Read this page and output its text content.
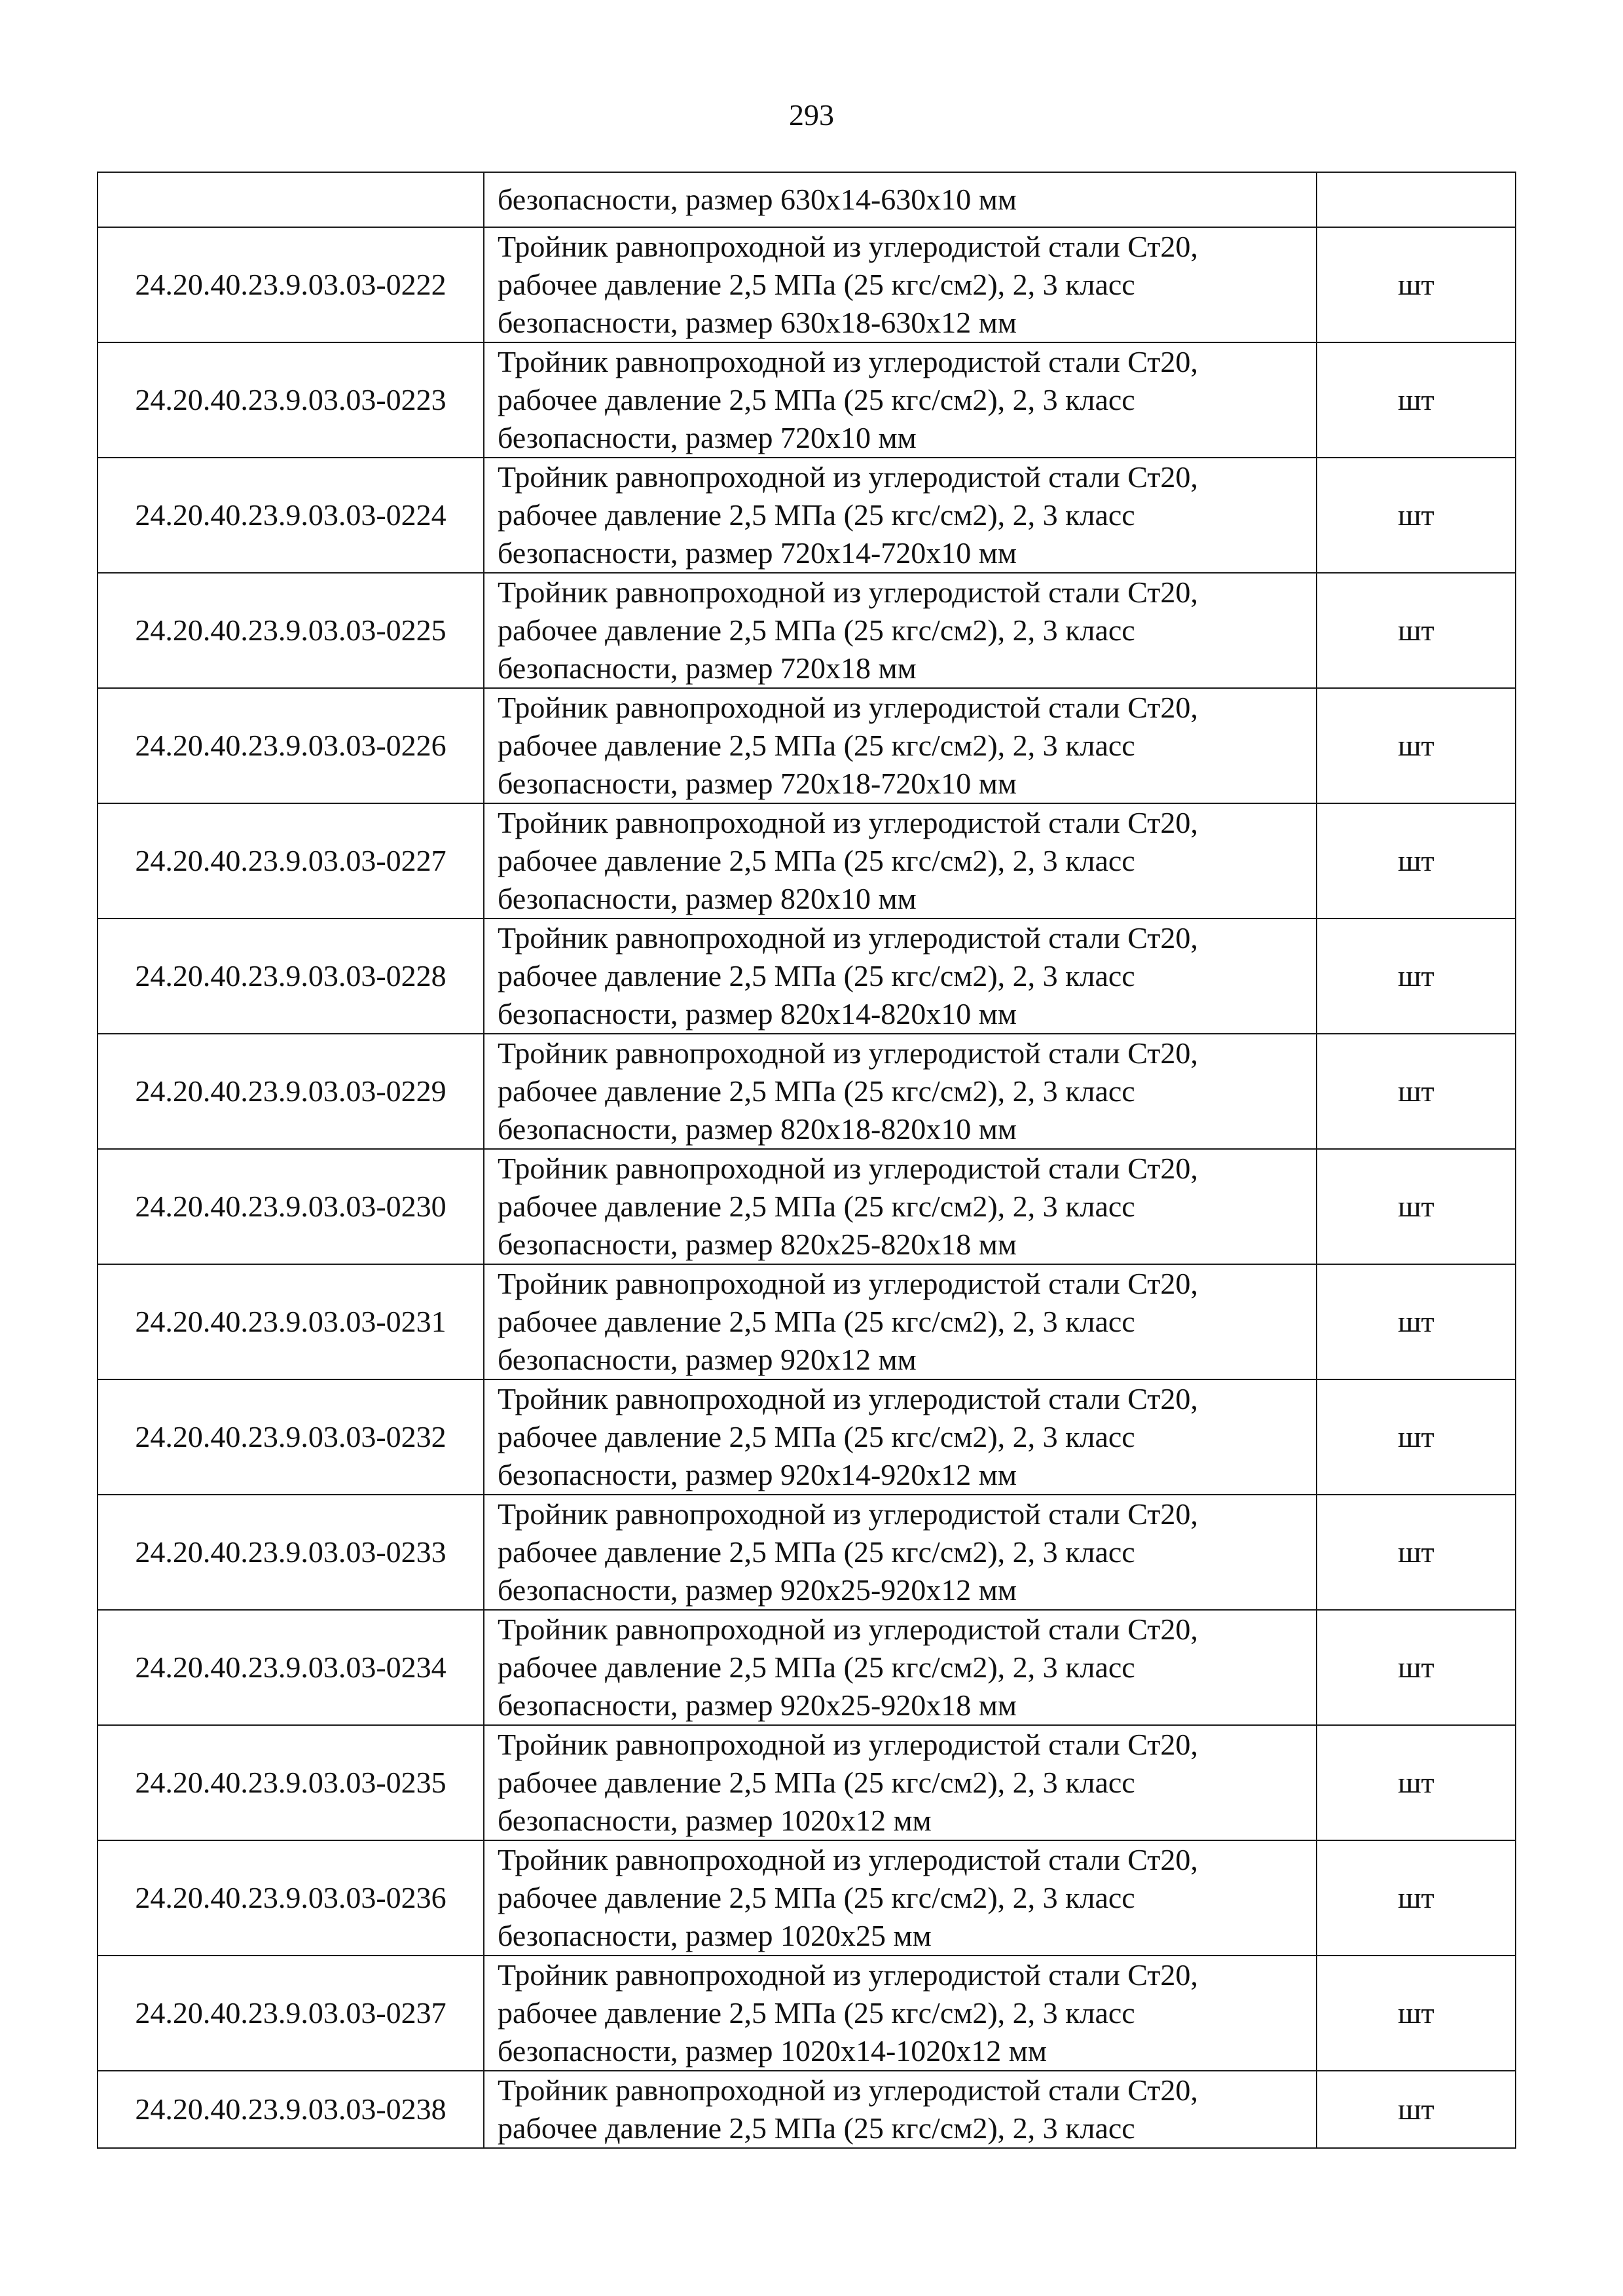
293

	безопасности, размер 630х14-630х10 мм	

24.20.40.23.9.03.03-0222	Тройник равнопроходной из углеродистой стали Ст20,
рабочее давление 2,5 МПа (25 кгс/см2), 2, 3 класс
безопасности, размер 630х18-630х12 мм	шт
24.20.40.23.9.03.03-0223	Тройник равнопроходной из углеродистой стали Ст20,
рабочее давление 2,5 МПа (25 кгс/см2), 2, 3 класс
безопасности, размер 720х10 мм	шт
24.20.40.23.9.03.03-0224	Тройник равнопроходной из углеродистой стали Ст20,
рабочее давление 2,5 МПа (25 кгс/см2), 2, 3 класс
безопасности, размер 720х14-720х10 мм	шт
24.20.40.23.9.03.03-0225	Тройник равнопроходной из углеродистой стали Ст20,
рабочее давление 2,5 МПа (25 кгс/см2), 2, 3 класс
безопасности, размер 720х18 мм	шт
24.20.40.23.9.03.03-0226	Тройник равнопроходной из углеродистой стали Ст20,
рабочее давление 2,5 МПа (25 кгс/см2), 2, 3 класс
безопасности, размер 720х18-720х10 мм	шт
24.20.40.23.9.03.03-0227	Тройник равнопроходной из углеродистой стали Ст20,
рабочее давление 2,5 МПа (25 кгс/см2), 2, 3 класс
безопасности, размер 820х10 мм	шт
24.20.40.23.9.03.03-0228	Тройник равнопроходной из углеродистой стали Ст20,
рабочее давление 2,5 МПа (25 кгс/см2), 2, 3 класс
безопасности, размер 820х14-820х10 мм	шт
24.20.40.23.9.03.03-0229	Тройник равнопроходной из углеродистой стали Ст20,
рабочее давление 2,5 МПа (25 кгс/см2), 2, 3 класс
безопасности, размер 820х18-820х10 мм	шт
24.20.40.23.9.03.03-0230	Тройник равнопроходной из углеродистой стали Ст20,
рабочее давление 2,5 МПа (25 кгс/см2), 2, 3 класс
безопасности, размер 820х25-820х18 мм	шт
24.20.40.23.9.03.03-0231	Тройник равнопроходной из углеродистой стали Ст20,
рабочее давление 2,5 МПа (25 кгс/см2), 2, 3 класс
безопасности, размер 920х12 мм	шт
24.20.40.23.9.03.03-0232	Тройник равнопроходной из углеродистой стали Ст20,
рабочее давление 2,5 МПа (25 кгс/см2), 2, 3 класс
безопасности, размер 920х14-920х12 мм	шт
24.20.40.23.9.03.03-0233	Тройник равнопроходной из углеродистой стали Ст20,
рабочее давление 2,5 МПа (25 кгс/см2), 2, 3 класс
безопасности, размер 920х25-920х12 мм	шт
24.20.40.23.9.03.03-0234	Тройник равнопроходной из углеродистой стали Ст20,
рабочее давление 2,5 МПа (25 кгс/см2), 2, 3 класс
безопасности, размер 920х25-920х18 мм	шт
24.20.40.23.9.03.03-0235	Тройник равнопроходной из углеродистой стали Ст20,
рабочее давление 2,5 МПа (25 кгс/см2), 2, 3 класс
безопасности, размер 1020х12 мм	шт
24.20.40.23.9.03.03-0236	Тройник равнопроходной из углеродистой стали Ст20,
рабочее давление 2,5 МПа (25 кгс/см2), 2, 3 класс
безопасности, размер 1020х25 мм	шт
24.20.40.23.9.03.03-0237	Тройник равнопроходной из углеродистой стали Ст20,
рабочее давление 2,5 МПа (25 кгс/см2), 2, 3 класс
безопасности, размер 1020х14-1020х12 мм	шт
24.20.40.23.9.03.03-0238	Тройник равнопроходной из углеродистой стали Ст20,
рабочее давление 2,5 МПа (25 кгс/см2), 2, 3 класс	шт
